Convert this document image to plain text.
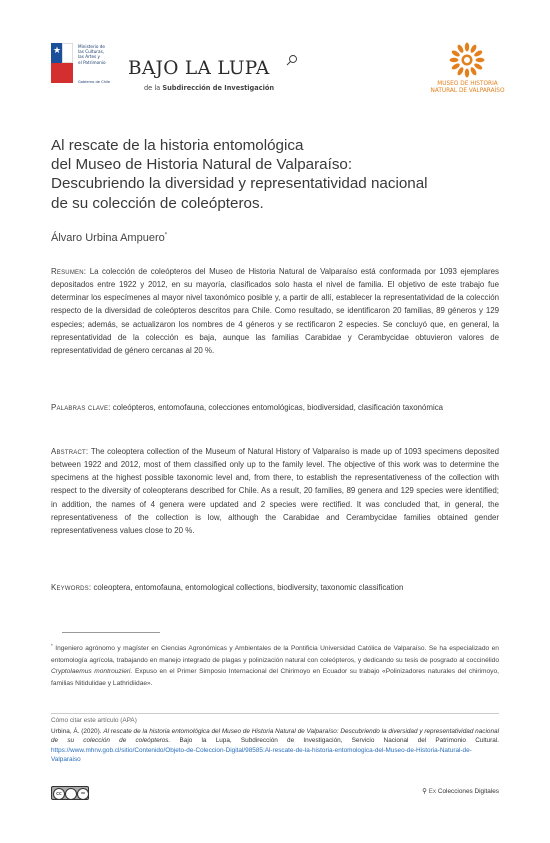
★	Ministerio de
las Culturas,
las Artes y
el Patrimonio
Gobierno de Chile
BAJO LA LUPA
de la Subdirección de Investigación	MUSEO DE HISTORIA
NATURAL DE VALPARAÍSO
Al rescate de la historia entomológica
del Museo de Historia Natural de Valparaíso:
Descubriendo la diversidad y representatividad nacional
de su colección de coleópteros.
Álvaro Urbina Ampuero*
Resumen: La colección de coleópteros del Museo de Historia Natural de Valparaíso está conformada por 1093 ejemplares depositados entre 1922 y 2012, en su mayoría, clasificados solo hasta el nivel de familia. El objetivo de este trabajo fue determinar los especímenes al mayor nivel taxonómico posible y, a partir de allí, establecer la representatividad de la colección respecto de la diversidad de coleópteros descritos para Chile. Como resultado, se identificaron 20 familias, 89 géneros y 129 especies; además, se actualizaron los nombres de 4 géneros y se rectificaron 2 especies. Se concluyó que, en general, la representatividad de la colección es baja, aunque las familias Carabidae y Cerambycidae obtuvieron valores de representatividad de género cercanas al 20 %.
Palabras clave: coleópteros, entomofauna, colecciones entomológicas, biodiversidad, clasificación taxonómica
Abstract: The coleoptera collection of the Museum of Natural History of Valparaíso is made up of 1093 specimens deposited between 1922 and 2012, most of them classified only up to the family level. The objective of this work was to determine the specimens at the highest possible taxonomic level and, from there, to establish the representativeness of the collection with respect to the diversity of coleopterans described for Chile. As a result, 20 families, 89 genera and 129 species were identified; in addition, the names of 4 genera were updated and 2 species were rectified. It was concluded that, in general, the representativeness of the collection is low, although the Carabidae and Cerambycidae families obtained gender representativeness values close to 20 %.
Keywords: coleoptera, entomofauna, entomological collections, biodiversity, taxonomic classification
* Ingeniero agrónomo y magíster en Ciencias Agronómicas y Ambientales de la Pontificia Universidad Católica de Valparaíso. Se ha especializado en entomología agrícola, trabajando en manejo integrado de plagas y polinización natural con coleópteros, y dedicando su tesis de posgrado al coccinélido Cryptolaemus montrouzieri. Expuso en el Primer Simposio Internacional del Chirimoyo en Ecuador su trabajo «Polinizadores naturales del chirimoyo, familias Nitidulidae y Lathridiidae».
Cómo citar este artículo (APA)
Urbina, Á. (2020). Al rescate de la historia entomológica del Museo de Historia Natural de Valparaíso: Descubriendo la diversidad y representatividad nacional de su colección de coleópteros. Bajo la Lupa, Subdirección de Investigación, Servicio Nacional del Patrimonio Cultural. https://www.mhnv.gob.cl/sitio/Contenido/Objeto-de-Coleccion-Digital/98585:Al-rescate-de-la-historia-entomologica-del-Museo-de-Historia-Natural-de-Valparaiso
cc	=	⚲ Ex Colecciones Digitales
